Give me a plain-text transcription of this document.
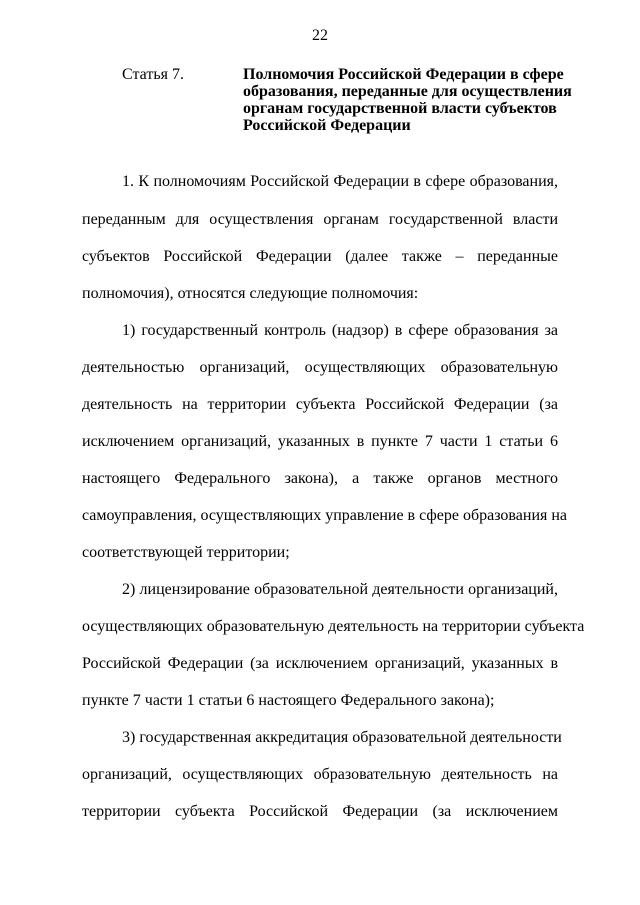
22
Статья 7.	Полномочия Российской Федерации в сфере
образования, переданные для осуществления
органам государственной власти субъектов
Российской Федерации
1. К полномочиям Российской Федерации в сфере образования,
переданным для осуществления органам государственной власти
субъектов Российской Федерации (далее также – переданные
полномочия), относятся следующие полномочия:
1) государственный контроль (надзор) в сфере образования за
деятельностью организаций, осуществляющих образовательную
деятельность на территории субъекта Российской Федерации (за
исключением организаций, указанных в пункте 7 части 1 статьи 6
настоящего Федерального закона), а также органов местного
самоуправления, осуществляющих управление в сфере образования на
соответствующей территории;
2) лицензирование образовательной деятельности организаций,
осуществляющих образовательную деятельность на территории субъекта
Российской Федерации (за исключением организаций, указанных в
пункте 7 части 1 статьи 6 настоящего Федерального закона);
3) государственная аккредитация образовательной деятельности
организаций, осуществляющих образовательную деятельность на
территории субъекта Российской Федерации (за исключением
